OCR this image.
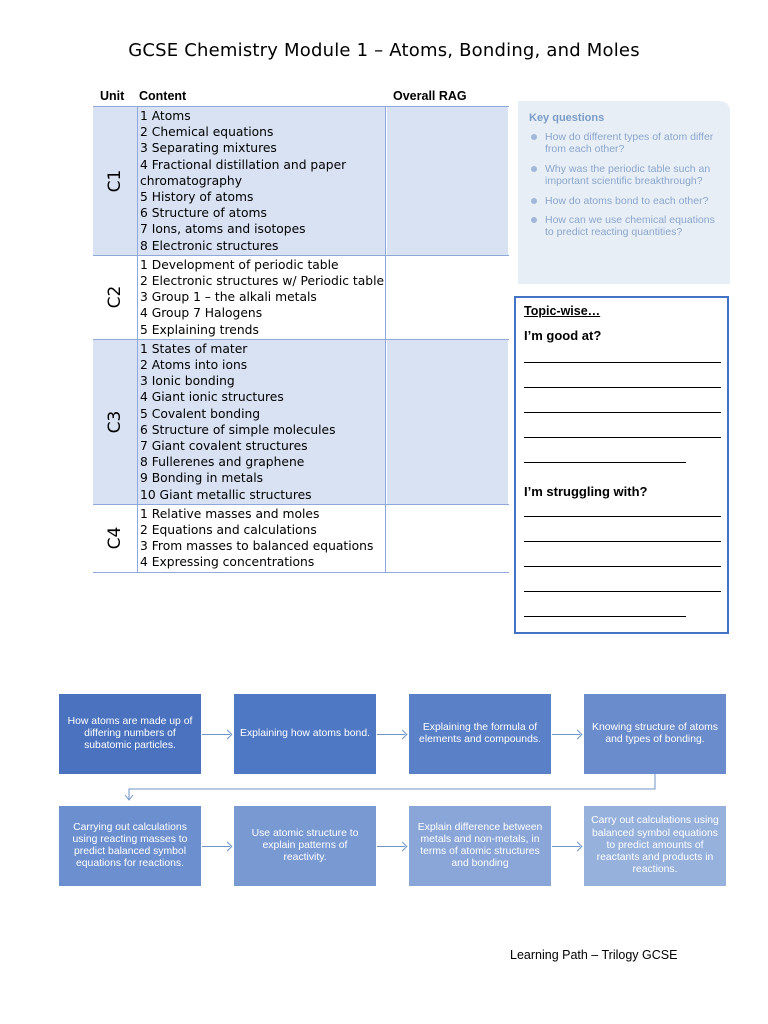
GCSE Chemistry Module 1 – Atoms, Bonding, and Moles
Unit Content	Overall RAG
C1
1 Atoms
2 Chemical equations
3 Separating mixtures
4 Fractional distillation and paper chromatography
5 History of atoms
6 Structure of atoms
7 Ions, atoms and isotopes
8 Electronic structures
C2
1 Development of periodic table
2 Electronic structures w/ Periodic table
3 Group 1 – the alkali metals
4 Group 7 Halogens
5 Explaining trends
C3
1 States of mater
2 Atoms into ions
3 Ionic bonding
4 Giant ionic structures
5 Covalent bonding
6 Structure of simple molecules
7 Giant covalent structures
8 Fullerenes and graphene
9 Bonding in metals
10 Giant metallic structures
C4
1 Relative masses and moles
2 Equations and calculations
3 From masses to balanced equations
4 Expressing concentrations
Key questions
How do different types of atom differ from each other?
Why was the periodic table such an important scientific breakthrough?
How do atoms bond to each other?
How can we use chemical equations to predict reacting quantities?
Topic-wise…
I’m good at?
I’m struggling with?
How atoms are made up of differing numbers of subatomic particles.
Explaining how atoms bond.
Explaining the formula of elements and compounds.
Knowing structure of atoms and types of bonding.
Carrying out calculations using reacting masses to predict balanced symbol equations for reactions.
Use atomic structure to explain patterns of reactivity.
Explain difference between metals and non-metals, in terms of atomic structures and bonding
Carry out calculations using balanced symbol equations to predict amounts of reactants and products in reactions.
Learning Path – Trilogy GCSE
